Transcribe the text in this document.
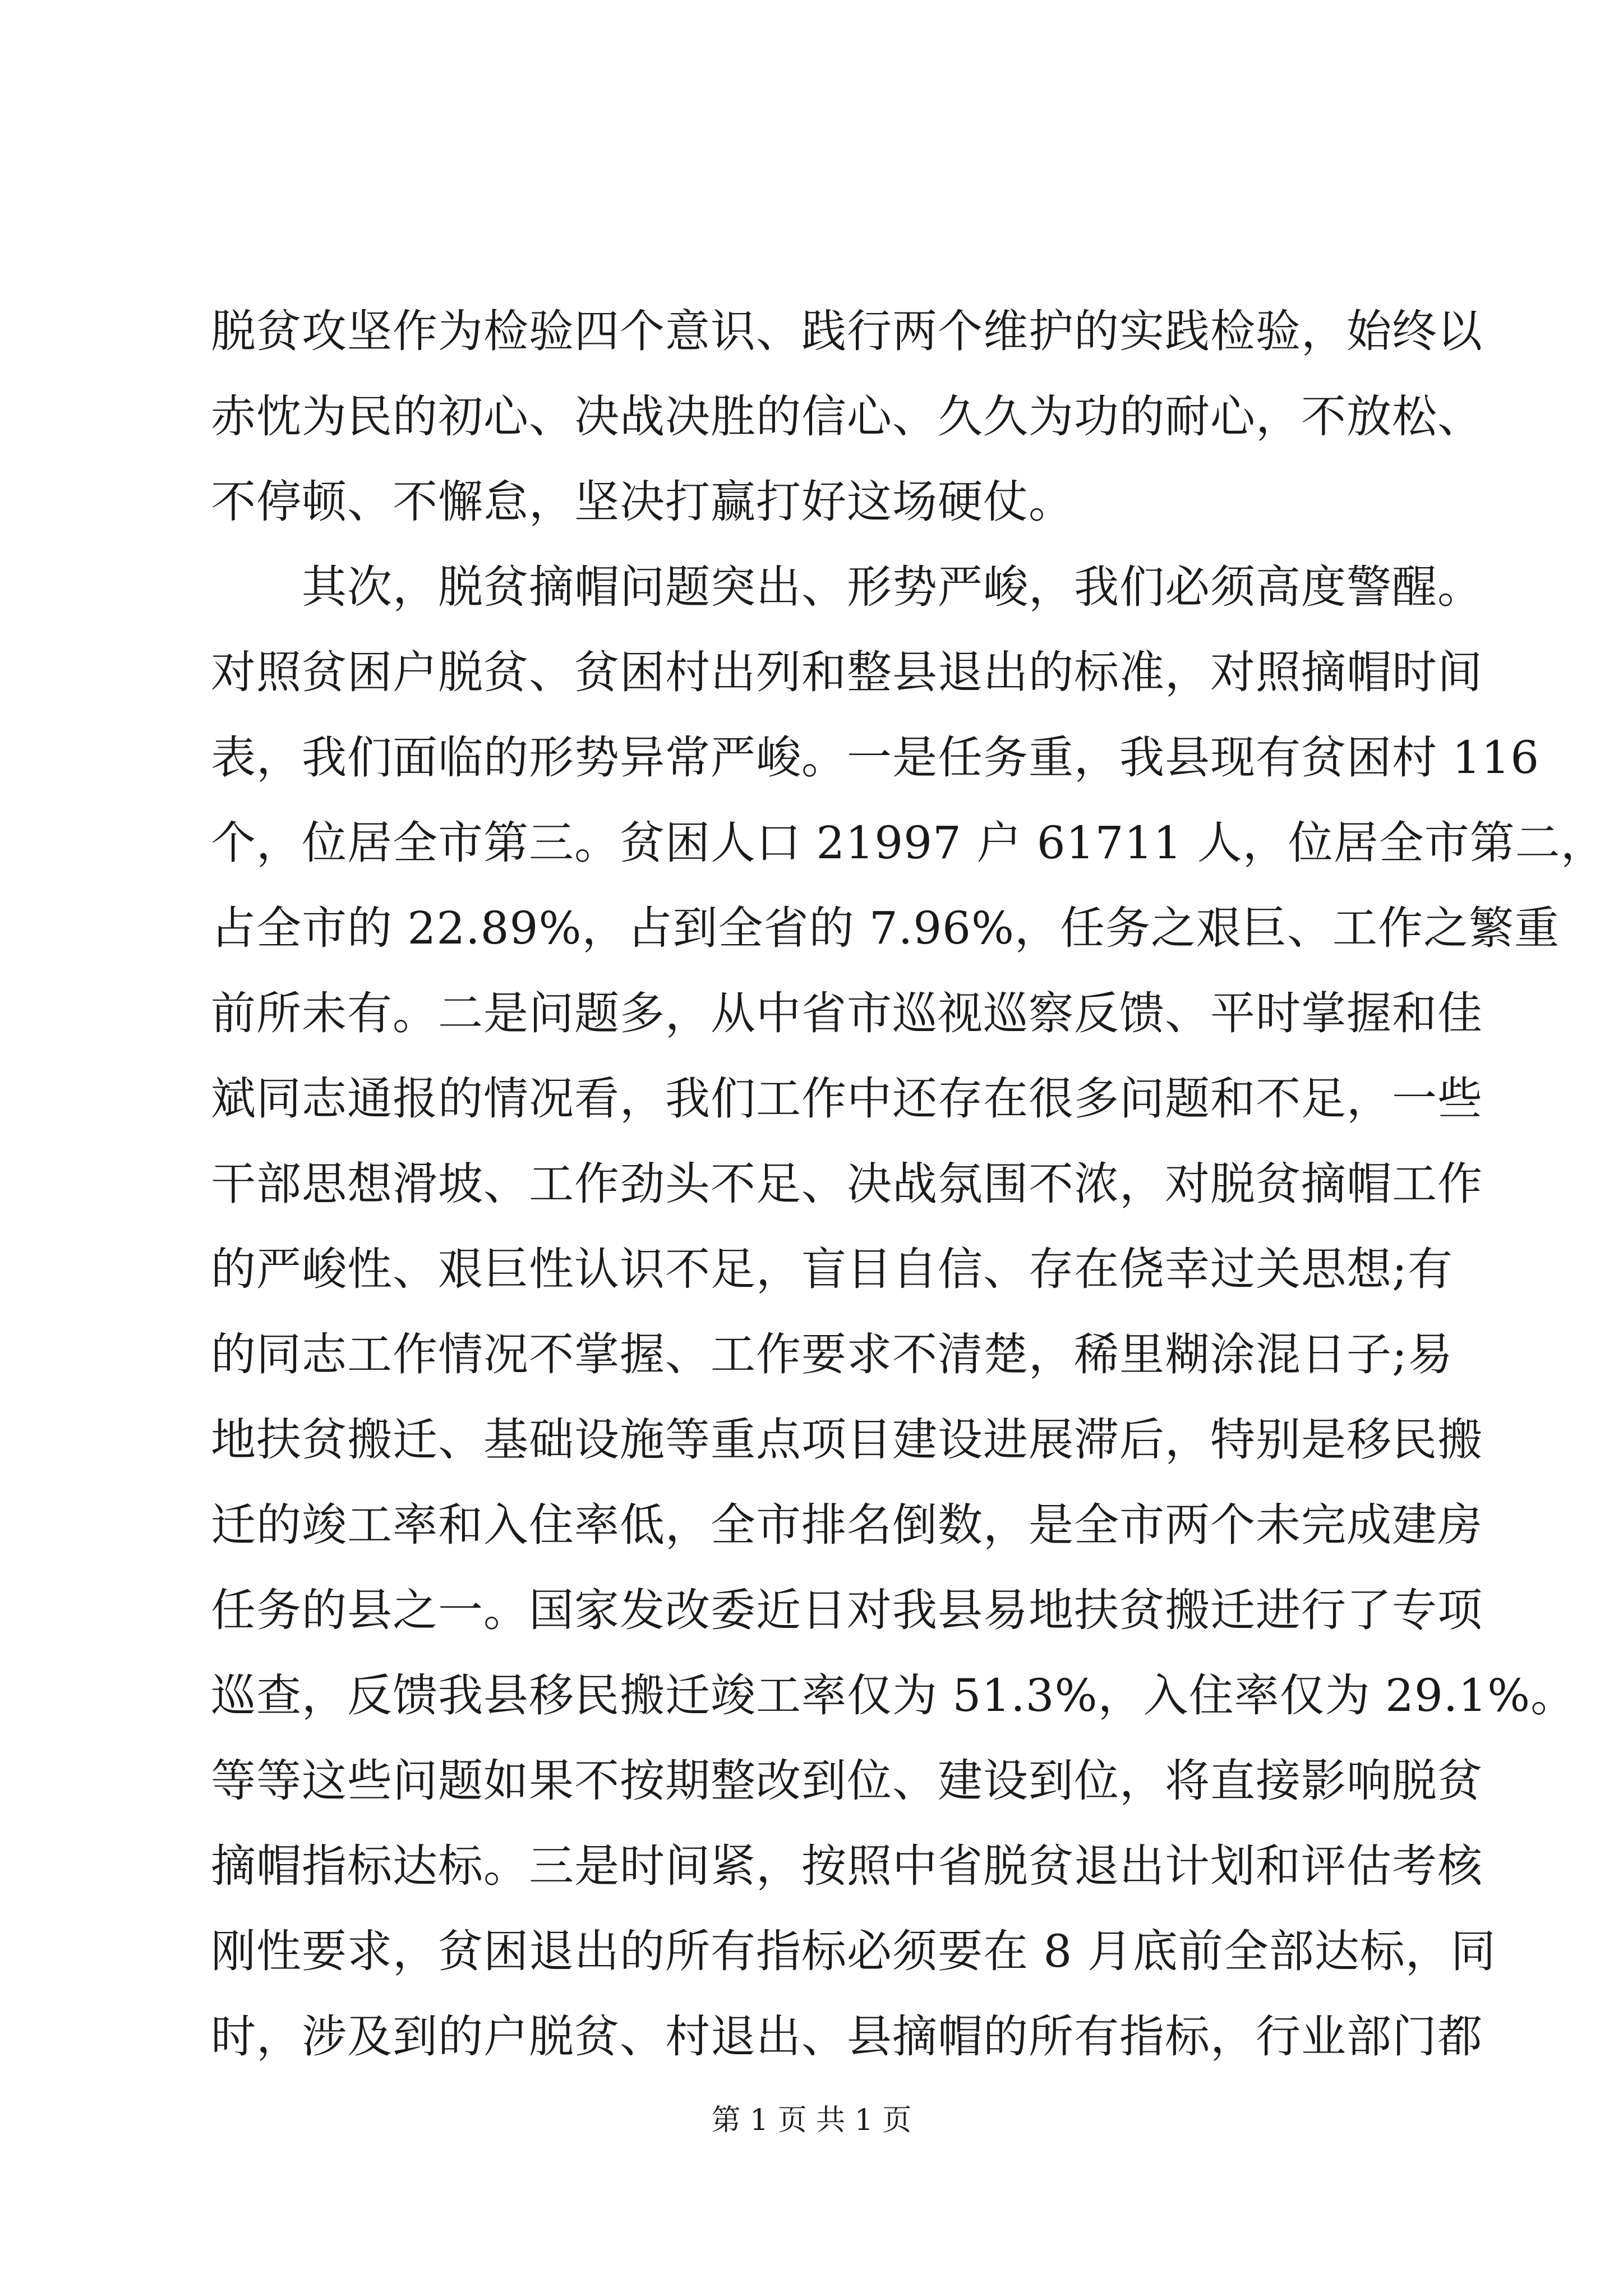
脱贫攻坚作为检验四个意识、践行两个维护的实践检验，始终以
赤忱为民的初心、决战决胜的信心、久久为功的耐心，不放松、
不停顿、不懈怠，坚决打赢打好这场硬仗。
　　其次，脱贫摘帽问题突出、形势严峻，我们必须高度警醒。
对照贫困户脱贫、贫困村出列和整县退出的标准，对照摘帽时间
表，我们面临的形势异常严峻。一是任务重，我县现有贫困村 116
个，位居全市第三。贫困人口 21997 户 61711 人，位居全市第二，
占全市的 22.89%，占到全省的 7.96%，任务之艰巨、工作之繁重
前所未有。二是问题多，从中省市巡视巡察反馈、平时掌握和佳
斌同志通报的情况看，我们工作中还存在很多问题和不足，一些
干部思想滑坡、工作劲头不足、决战氛围不浓，对脱贫摘帽工作
的严峻性、艰巨性认识不足，盲目自信、存在侥幸过关思想;有
的同志工作情况不掌握、工作要求不清楚，稀里糊涂混日子;易
地扶贫搬迁、基础设施等重点项目建设进展滞后，特别是移民搬
迁的竣工率和入住率低，全市排名倒数，是全市两个未完成建房
任务的县之一。国家发改委近日对我县易地扶贫搬迁进行了专项
巡查，反馈我县移民搬迁竣工率仅为 51.3%，入住率仅为 29.1%。
等等这些问题如果不按期整改到位、建设到位，将直接影响脱贫
摘帽指标达标。三是时间紧，按照中省脱贫退出计划和评估考核
刚性要求，贫困退出的所有指标必须要在 8 月底前全部达标，同
时，涉及到的户脱贫、村退出、县摘帽的所有指标，行业部门都
第 1 页 共 1 页
